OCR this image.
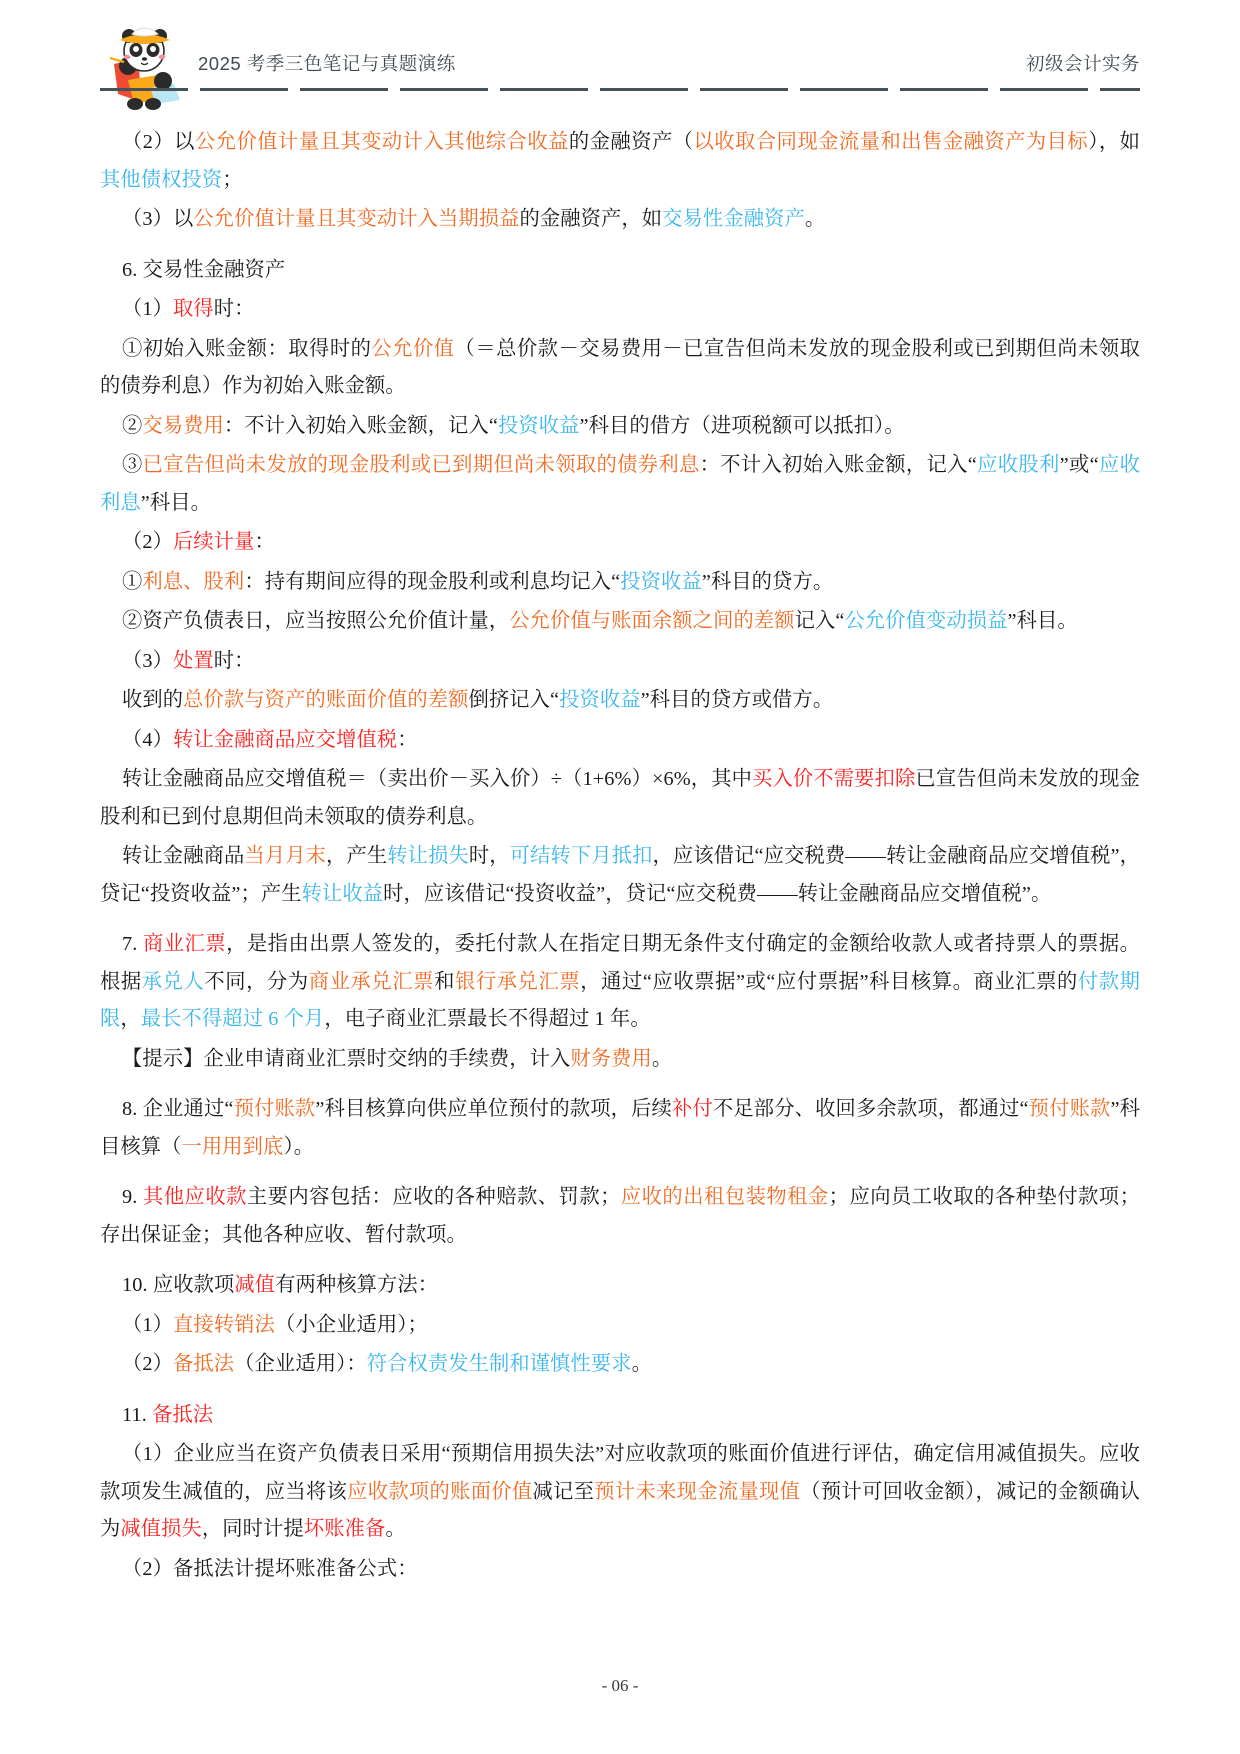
2025 考季三色笔记与真题演练	初级会计实务

（2）以公允价值计量且其变动计入其他综合收益的金融资产（以收取合同现金流量和出售金融资产为目标），如其他债权投资；

（3）以公允价值计量且其变动计入当期损益的金融资产，如交易性金融资产。

6. 交易性金融资产

（1）取得时：

①初始入账金额：取得时的公允价值（＝总价款－交易费用－已宣告但尚未发放的现金股利或已到期但尚未领取的债券利息）作为初始入账金额。

②交易费用：不计入初始入账金额，记入“投资收益”科目的借方（进项税额可以抵扣）。

③已宣告但尚未发放的现金股利或已到期但尚未领取的债券利息：不计入初始入账金额，记入“应收股利”或“应收利息”科目。

（2）后续计量：

①利息、股利：持有期间应得的现金股利或利息均记入“投资收益”科目的贷方。

②资产负债表日，应当按照公允价值计量，公允价值与账面余额之间的差额记入“公允价值变动损益”科目。

（3）处置时：

收到的总价款与资产的账面价值的差额倒挤记入“投资收益”科目的贷方或借方。

（4）转让金融商品应交增值税：

转让金融商品应交增值税＝（卖出价－买入价）÷（1+6%）×6%，其中买入价不需要扣除已宣告但尚未发放的现金股利和已到付息期但尚未领取的债券利息。

转让金融商品当月月末，产生转让损失时，可结转下月抵扣，应该借记“应交税费——转让金融商品应交增值税”，贷记“投资收益”；产生转让收益时，应该借记“投资收益”，贷记“应交税费——转让金融商品应交增值税”。

7. 商业汇票，是指由出票人签发的，委托付款人在指定日期无条件支付确定的金额给收款人或者持票人的票据。根据承兑人不同，分为商业承兑汇票和银行承兑汇票，通过“应收票据”或“应付票据”科目核算。商业汇票的付款期限，最长不得超过 6 个月，电子商业汇票最长不得超过 1 年。

【提示】企业申请商业汇票时交纳的手续费，计入财务费用。

8. 企业通过“预付账款”科目核算向供应单位预付的款项，后续补付不足部分、收回多余款项，都通过“预付账款”科目核算（一用用到底）。

9. 其他应收款主要内容包括：应收的各种赔款、罚款；应收的出租包装物租金；应向员工收取的各种垫付款项；存出保证金；其他各种应收、暂付款项。

10. 应收款项减值有两种核算方法：

（1）直接转销法（小企业适用）；

（2）备抵法（企业适用）：符合权责发生制和谨慎性要求。

11. 备抵法

（1）企业应当在资产负债表日采用“预期信用损失法”对应收款项的账面价值进行评估，确定信用减值损失。应收款项发生减值的，应当将该应收款项的账面价值减记至预计未来现金流量现值（预计可回收金额），减记的金额确认为减值损失，同时计提坏账准备。

（2）备抵法计提坏账准备公式：

- 06 -
